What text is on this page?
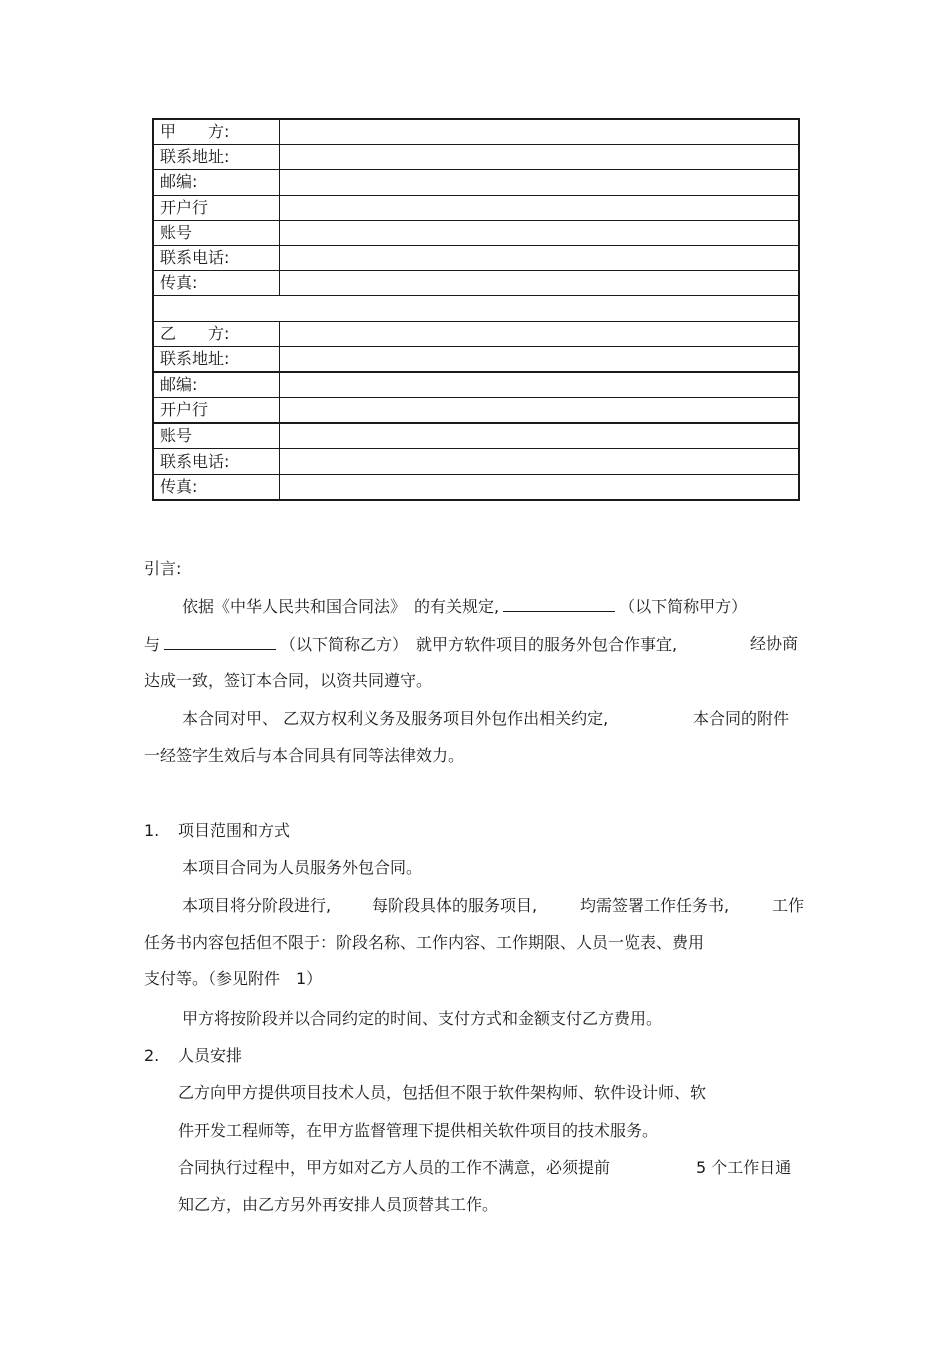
甲　　方:	
联系地址:	
邮编:	
开户行	
账号	
联系电话:	
传真:	

乙　　方:	
联系地址:	
邮编:	
开户行	
账号	
联系电话:	
传真:	
引言:
依据《中华人民共和国合同法》　的有关规定,	（以下简称甲方）
与	（以下简称乙方）　就甲方软件项目的服务外包合作事宜,	经协商
达成一致，签订本合同，以资共同遵守。
本合同对甲、 乙双方权利义务及服务项目外包作出相关约定,	本合同的附件
一经签字生效后与本合同具有同等法律效力。
1. 项目范围和方式
本项目合同为人员服务外包合同。
本项目将分阶段进行,	每阶段具体的服务项目,	均需签署工作任务书,	工作
任务书内容包括但不限于：阶段名称、工作内容、工作期限、人员一览表、费用
支付等。（参见附件　1）
甲方将按阶段并以合同约定的时间、支付方式和金额支付乙方费用。
2. 人员安排
乙方向甲方提供项目技术人员，包括但不限于软件架构师、软件设计师、软
件开发工程师等，在甲方监督管理下提供相关软件项目的技术服务。
合同执行过程中，甲方如对乙方人员的工作不满意，必须提前	5 个工作日通
知乙方，由乙方另外再安排人员顶替其工作。
